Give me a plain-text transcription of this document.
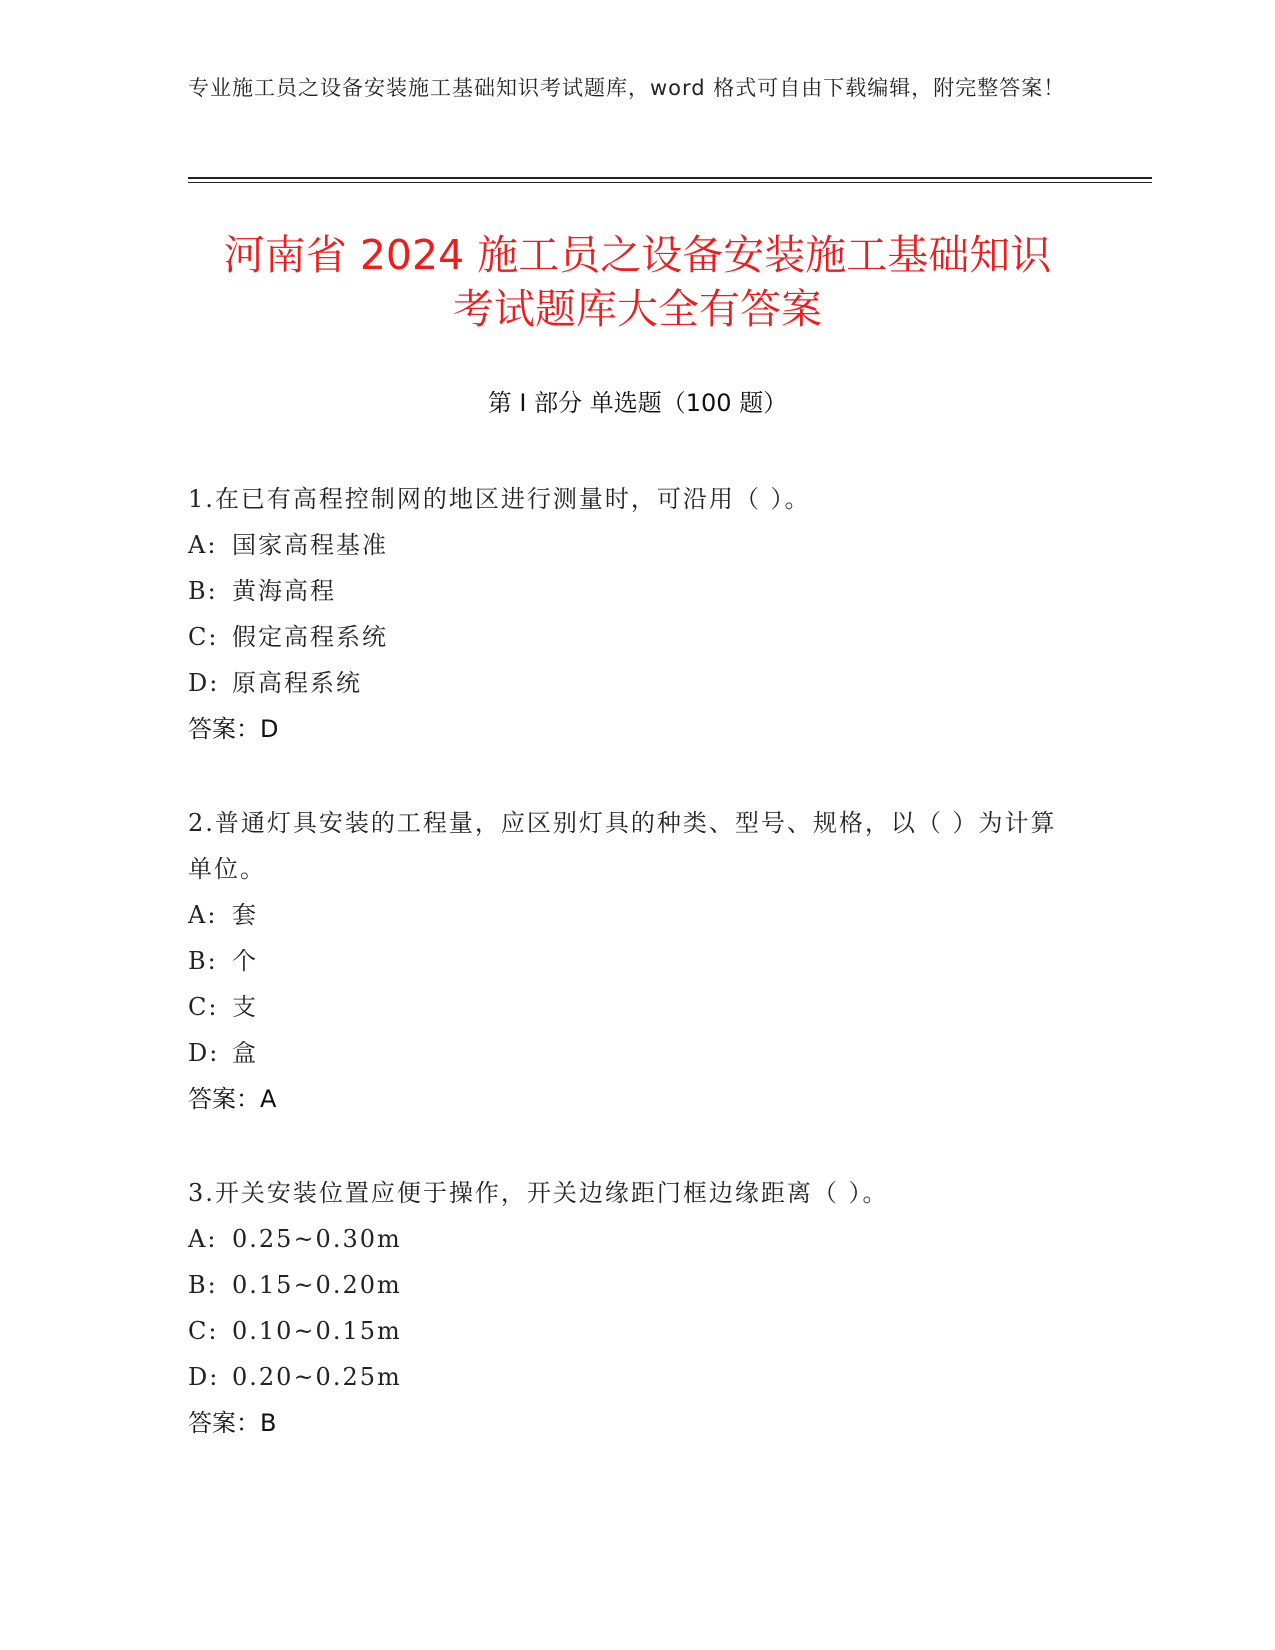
专业施工员之设备安装施工基础知识考试题库，word 格式可自由下载编辑，附完整答案！
河南省 2024 施工员之设备安装施工基础知识
考试题库大全有答案
第 I 部分 单选题（100 题）
1.在已有高程控制网的地区进行测量时，可沿用（ ）。
A: 国家高程基准
B: 黄海高程
C: 假定高程系统
D: 原高程系统
答案：D
2.普通灯具安装的工程量，应区别灯具的种类、型号、规格，以（ ）为计算单位。
A: 套
B: 个
C: 支
D: 盒
答案：A
3.开关安装位置应便于操作，开关边缘距门框边缘距离（ ）。
A: 0.25~0.30m
B: 0.15~0.20m
C: 0.10~0.15m
D: 0.20~0.25m
答案：B
